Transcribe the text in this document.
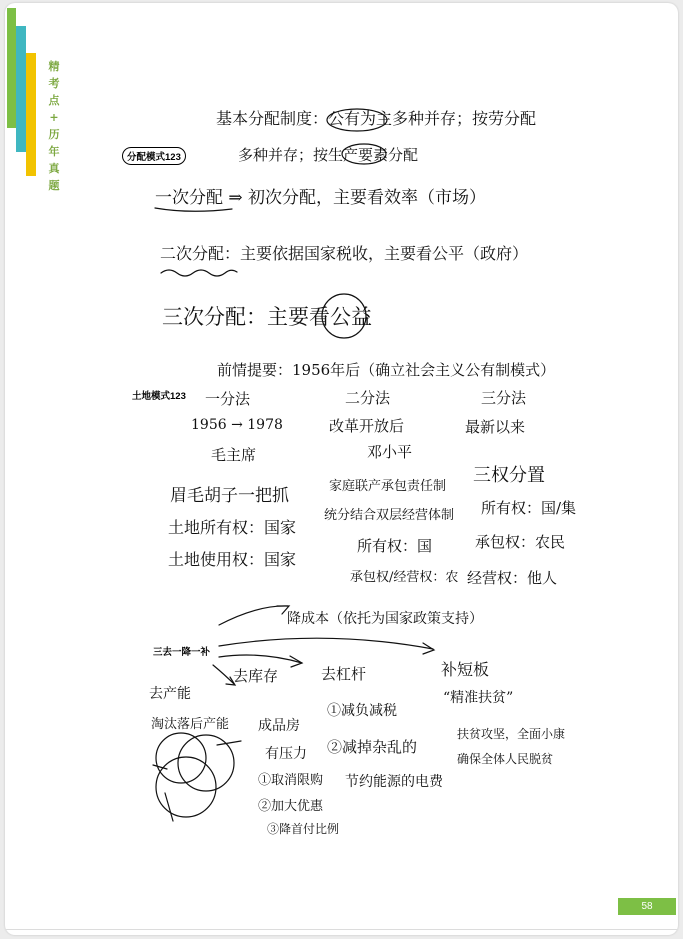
精
考
点
+
历
年
真
题
分配模式123
土地模式123
三去一降一补
基本分配制度：公有为主多种并存；按劳分配
多种并存；按生产要素分配
一次分配 ⇒ 初次分配，主要看效率（市场）
二次分配：主要依据国家税收，主要看公平（政府）
三次分配：主要看公益
前情提要：1956年后（确立社会主义公有制模式）
一分法
1956 → 1978
毛主席
眉毛胡子一把抓
土地所有权：国家
土地使用权：国家
二分法
改革开放后
邓小平
家庭联产承包责任制
统分结合双层经营体制
所有权：国
承包权/经营权：农
三分法
最新以来
三权分置
所有权：国/集
承包权：农民
经营权：他人
降成本（依托为国家政策支持）
去产能
去库存	去杠杆	补短板
淘汰落后产能 成品房
有压力
①取消限购
②加大优惠
③降首付比例
①减负减税
②减掉杂乱的
节约能源的电费
“精准扶贫”
扶贫攻坚，全面小康
确保全体人民脱贫
58
